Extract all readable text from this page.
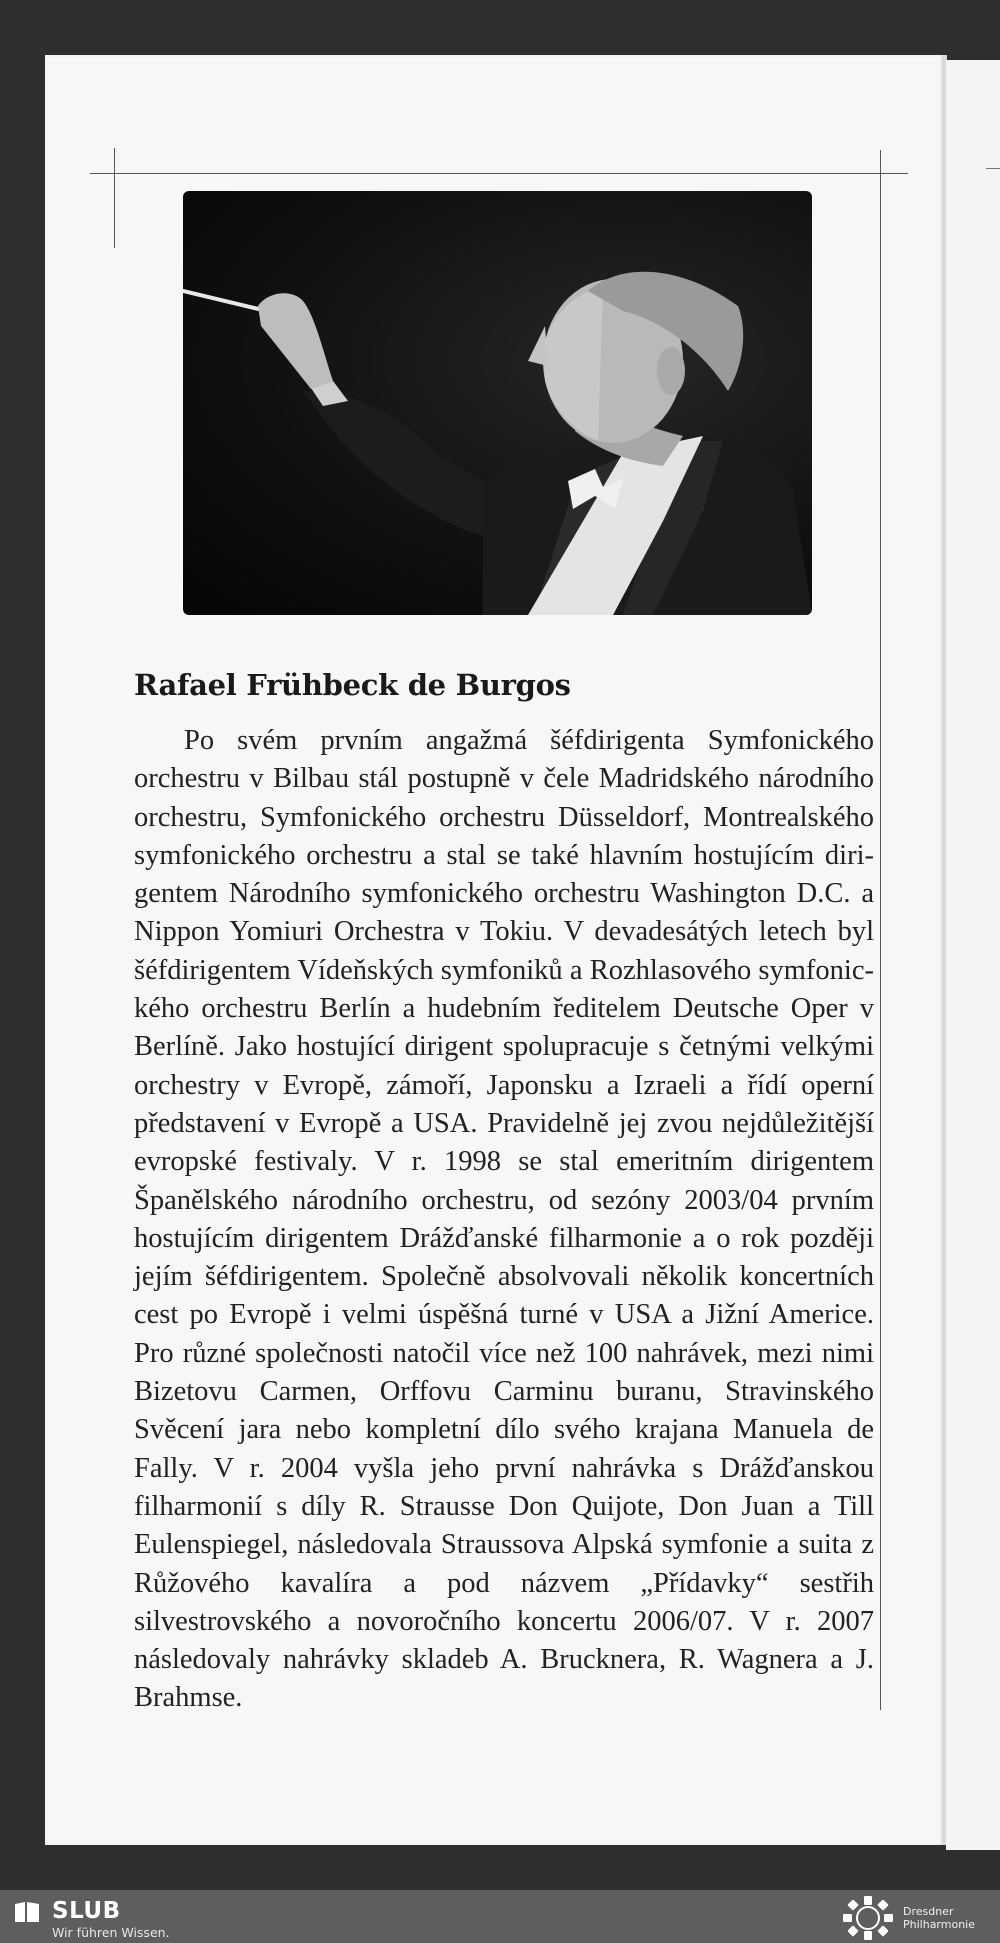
Rafael Frühbeck de Burgos

Po svém prvním angažmá šéfdirigenta Symfonického orchestru v Bilbau stál postupně v čele Madridského národního orchestru, Symfonického orchestru Düsseldorf, Montrealského symfonického orchestru a stal se také hlavním hostujícím dirigentem Národního symfonického orchestru Washington D.C. a Nippon Yomiuri Orchestra v Tokiu. V devadesátých letech byl šéfdirigentem Vídeňských symfoniků a Rozhlasového symfonického orchestru Berlín a hudebním ředitelem Deutsche Oper v Berlíně. Jako hostující dirigent spolupracuje s četnými velkými orchestry v Evropě, zámoří, Japonsku a Izraeli a řídí operní představení v Evropě a USA. Pravidelně jej zvou nejdůležitější evropské festivaly. V r. 1998 se stal emeritním dirigentem Španělského národního orchestru, od sezóny 2003/04 prvním hostujícím dirigentem Drážďanské filharmonie a o rok později jejím šéfdirigentem. Společně absolvovali několik koncertních cest po Evropě i velmi úspěšná turné v USA a Jižní Americe. Pro různé společnosti natočil více než 100 nahrávek, mezi nimi Bizetovu Carmen, Orffovu Carminu buranu, Stravinského Svěcení jara nebo kompletní dílo svého krajana Manuela de Fally. V r. 2004 vyšla jeho první nahrávka s Drážďanskou filharmonií s díly R. Strausse Don Quijote, Don Juan a Till Eulenspiegel, následovala Straussova Alpská symfonie a suita z Růžového kavalíra a pod názvem „Přídavky“ sestřih silvestrovského a novoročního koncertu 2006/07. V r. 2007 následovaly nahrávky skladeb A. Brucknera, R. Wagnera a J. Brahmse.

SLUB
Wir führen Wissen.
Dresdner
Philharmonie
